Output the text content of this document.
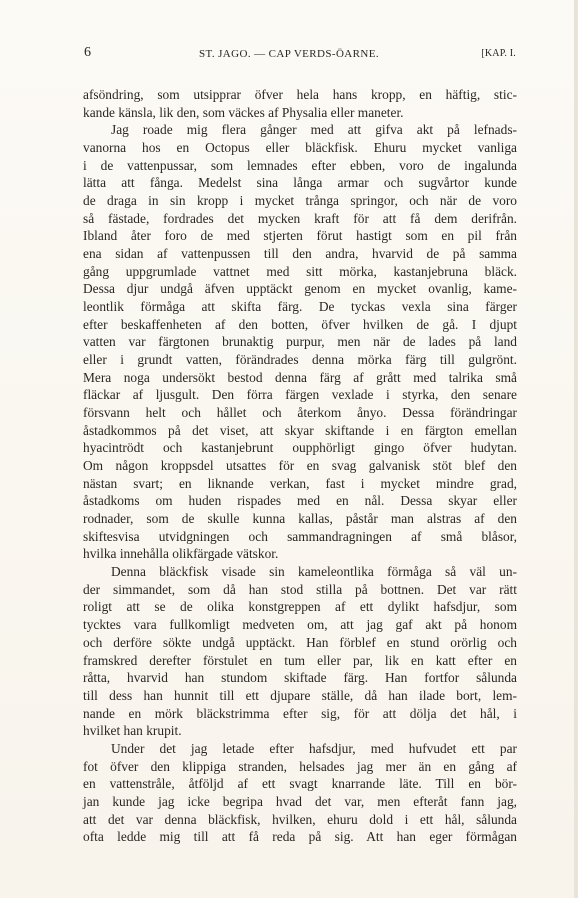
6	ST. JAGO. — CAP VERDS-ÖARNE.	[KAP. I.
afsöndring, som utsipprar öfver hela hans kropp, en häftig, stic-
kande känsla, lik den, som väckes af Physalia eller maneter.
Jag roade mig flera gånger med att gifva akt på lefnads-
vanorna hos en Octopus eller bläckfisk. Ehuru mycket vanliga
i de vattenpussar, som lemnades efter ebben, voro de ingalunda
lätta att fånga. Medelst sina långa armar och sugvårtor kunde
de draga in sin kropp i mycket trånga springor, och när de voro
så fästade, fordrades det mycken kraft för att få dem derifrån.
Ibland åter foro de med stjerten förut hastigt som en pil från
ena sidan af vattenpussen till den andra, hvarvid de på samma
gång uppgrumlade vattnet med sitt mörka, kastanjebruna bläck.
Dessa djur undgå äfven upptäckt genom en mycket ovanlig, kame-
leontlik förmåga att skifta färg. De tyckas vexla sina färger
efter beskaffenheten af den botten, öfver hvilken de gå. I djupt
vatten var färgtonen brunaktig purpur, men när de lades på land
eller i grundt vatten, förändrades denna mörka färg till gulgrönt.
Mera noga undersökt bestod denna färg af grått med talrika små
fläckar af ljusgult. Den förra färgen vexlade i styrka, den senare
försvann helt och hållet och återkom ånyo. Dessa förändringar
åstadkommos på det viset, att skyar skiftande i en färgton emellan
hyacintrödt och kastanjebrunt oupphörligt gingo öfver hudytan.
Om någon kroppsdel utsattes för en svag galvanisk stöt blef den
nästan svart; en liknande verkan, fast i mycket mindre grad,
åstadkoms om huden rispades med en nål. Dessa skyar eller
rodnader, som de skulle kunna kallas, påstår man alstras af den
skiftesvisa utvidgningen och sammandragningen af små blåsor,
hvilka innehålla olikfärgade vätskor.
Denna bläckfisk visade sin kameleontlika förmåga så väl un-
der simmandet, som då han stod stilla på bottnen. Det var rätt
roligt att se de olika konstgreppen af ett dylikt hafsdjur, som
tycktes vara fullkomligt medveten om, att jag gaf akt på honom
och derföre sökte undgå upptäckt. Han förblef en stund orörlig och
framskred derefter förstulet en tum eller par, lik en katt efter en
råtta, hvarvid han stundom skiftade färg. Han fortfor sålunda
till dess han hunnit till ett djupare ställe, då han ilade bort, lem-
nande en mörk bläckstrimma efter sig, för att dölja det hål, i
hvilket han krupit.
Under det jag letade efter hafsdjur, med hufvudet ett par
fot öfver den klippiga stranden, helsades jag mer än en gång af
en vattenstråle, åtföljd af ett svagt knarrande läte. Till en bör-
jan kunde jag icke begripa hvad det var, men efteråt fann jag,
att det var denna bläckfisk, hvilken, ehuru dold i ett hål, sålunda
ofta ledde mig till att få reda på sig. Att han eger förmågan
